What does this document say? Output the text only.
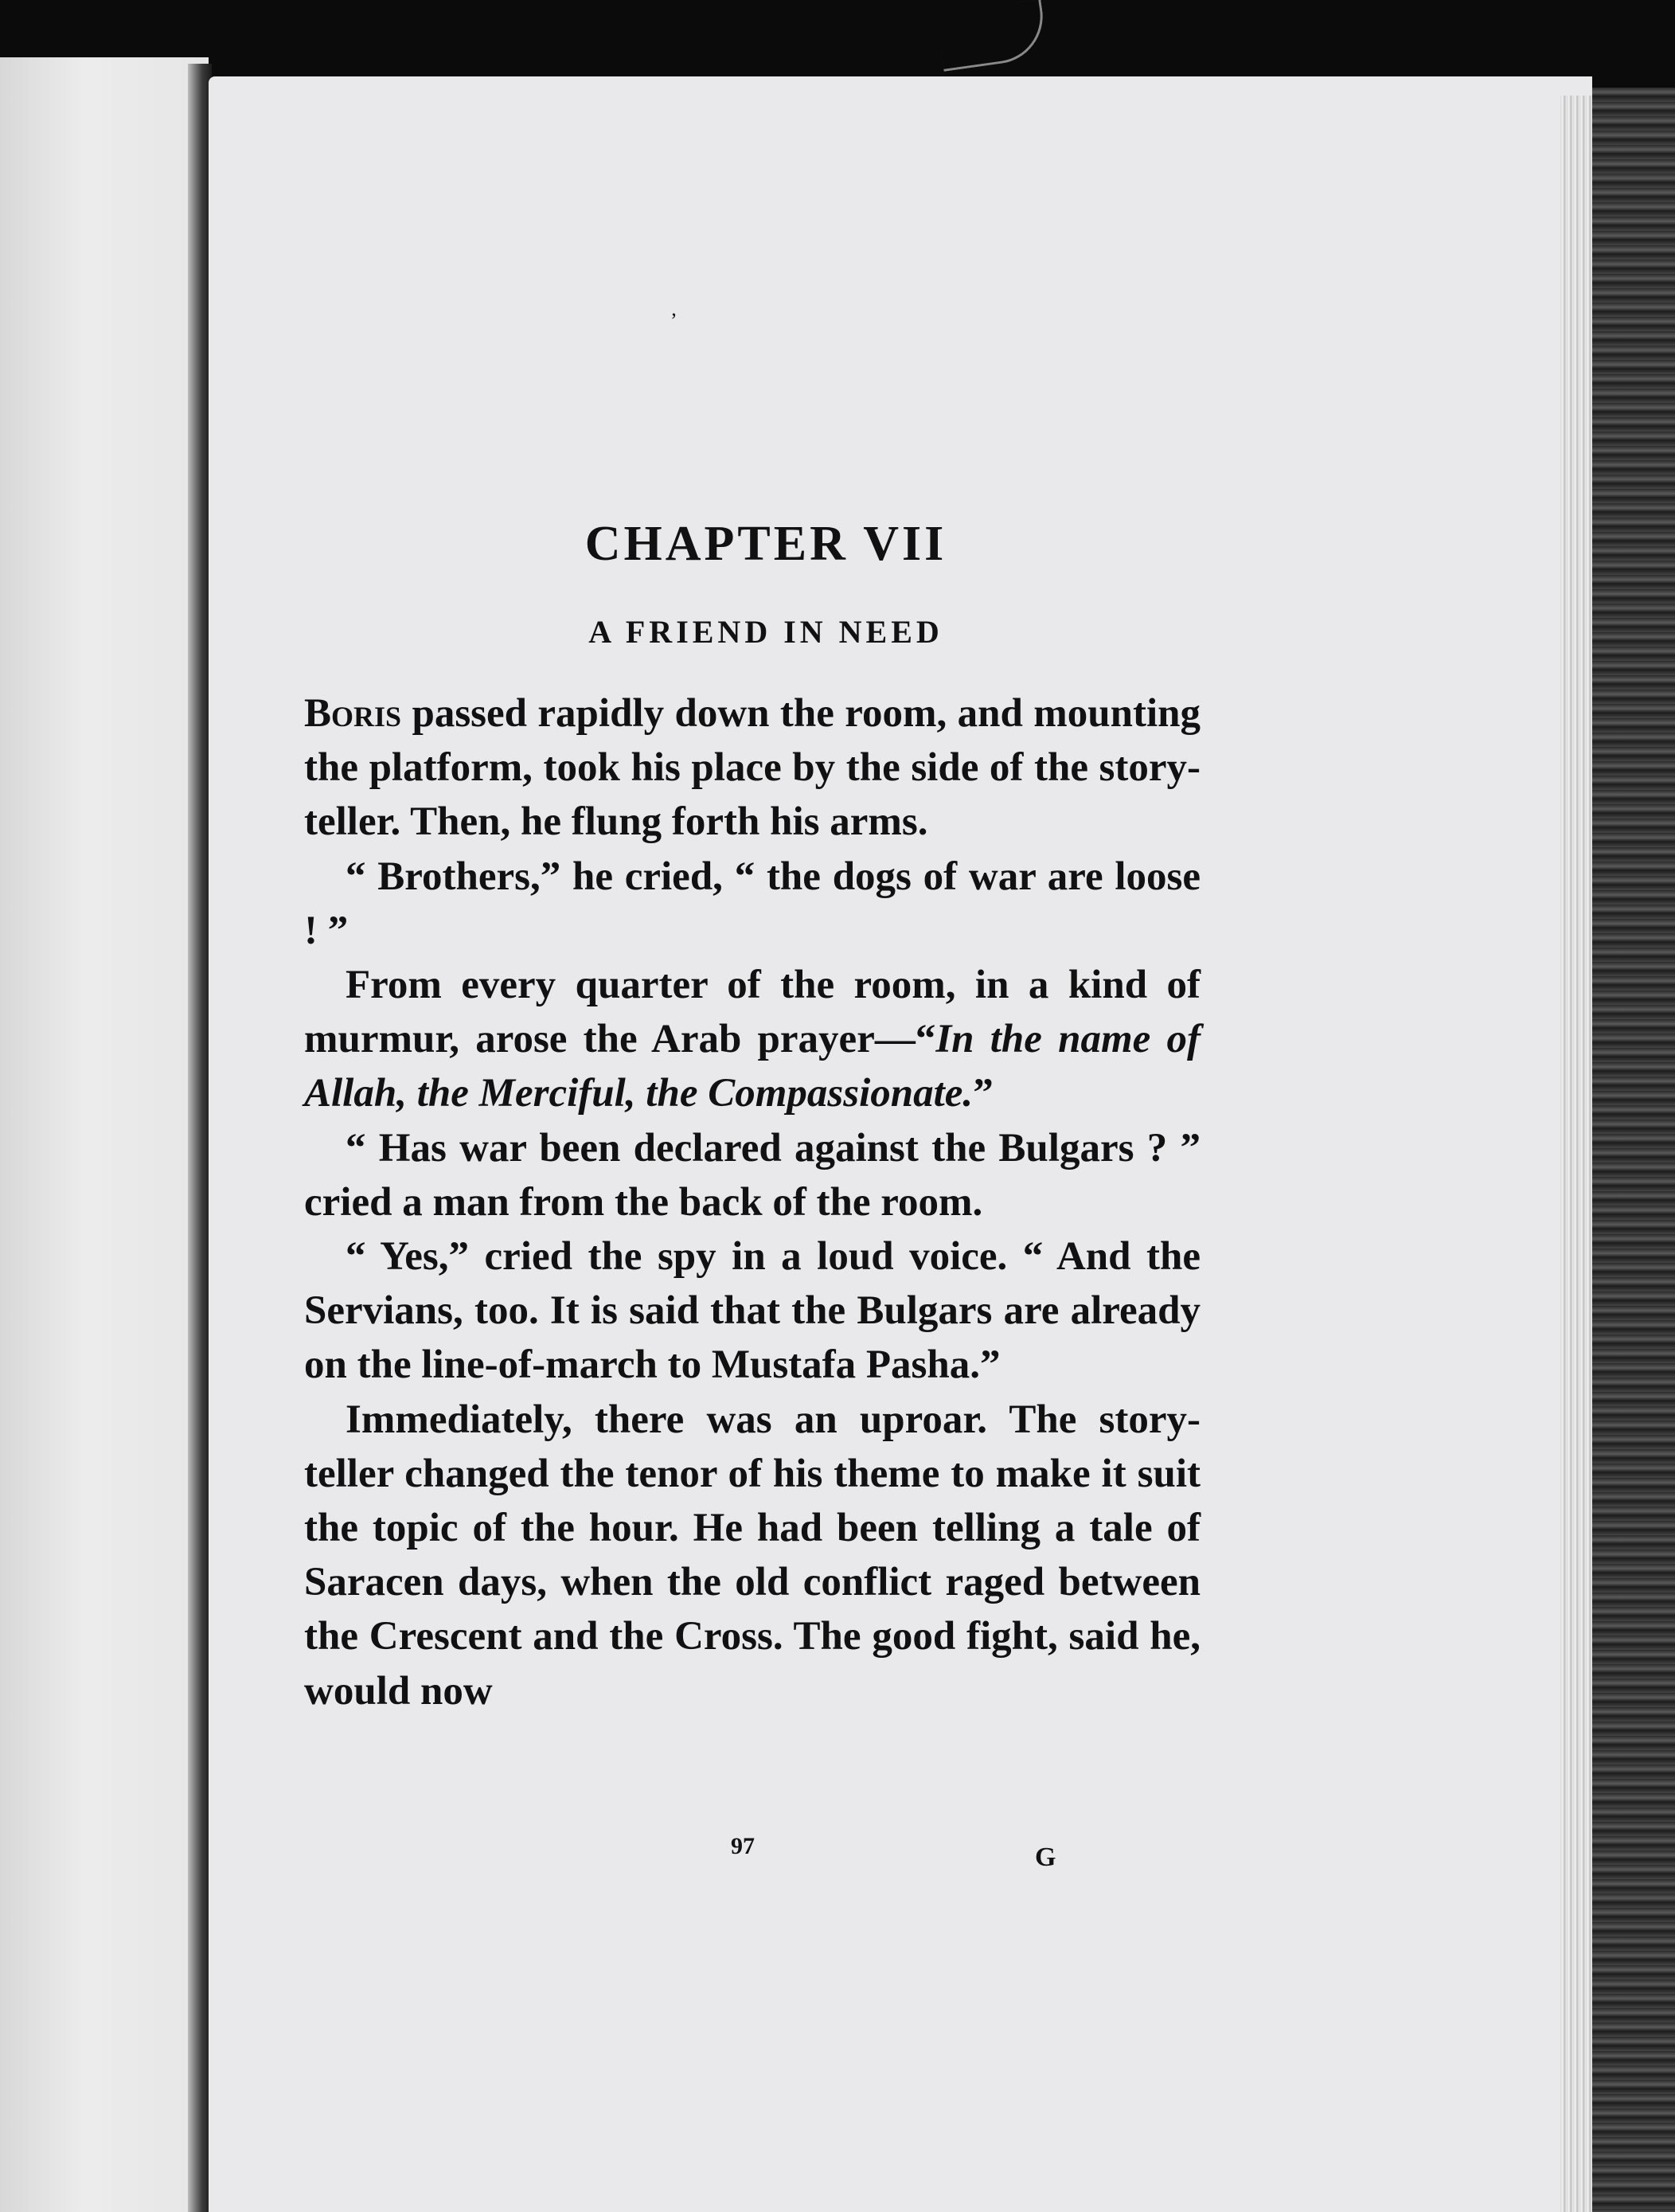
ʼ
CHAPTER VII
A FRIEND IN NEED

Boris passed rapidly down the room, and mounting the platform, took his place by the side of the story-teller. Then, he flung forth his arms.

“ Brothers,” he cried, “ the dogs of war are loose ! ”

From every quarter of the room, in a kind of murmur, arose the Arab prayer—“In the name of Allah, the Merciful, the Compassionate.”

“ Has war been declared against the Bulgars ? ” cried a man from the back of the room.

“ Yes,” cried the spy in a loud voice. “ And the Servians, too. It is said that the Bulgars are already on the line-of-march to Mustafa Pasha.”

Immediately, there was an uproar. The story-teller changed the tenor of his theme to make it suit the topic of the hour. He had been telling a tale of Saracen days, when the old conflict raged between the Crescent and the Cross. The good fight, said he, would now

97	G
